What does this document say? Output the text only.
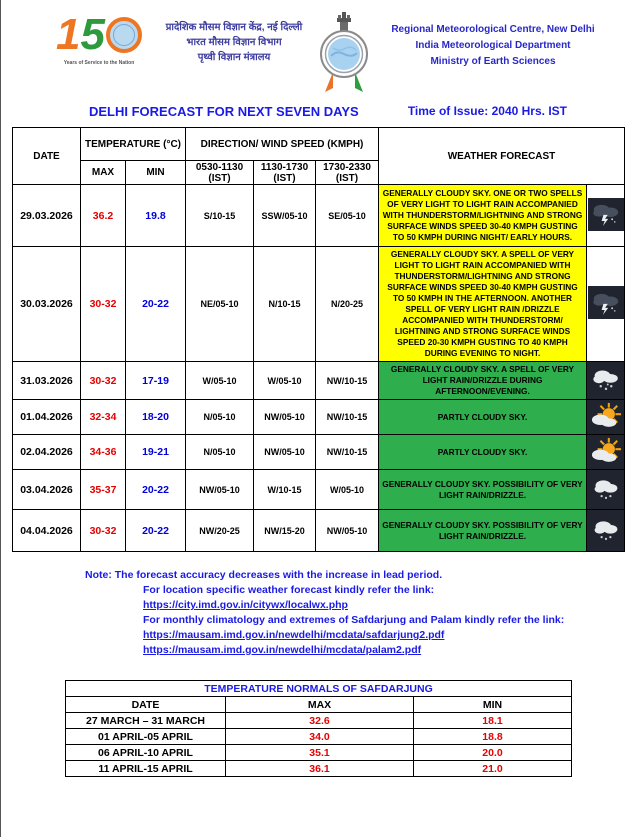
1 5
Years of Service to the Nation
प्रादेशिक मौसम विज्ञान केंद्र, नई दिल्ली
भारत मौसम विज्ञान विभाग
पृथ्वी विज्ञान मंत्रालय
Regional Meteorological Centre, New Delhi
India Meteorological Department
Ministry of Earth Sciences
DELHI FORECAST FOR NEXT SEVEN DAYS	Time of Issue: 2040 Hrs. IST
DATE	TEMPERATURE (°C)		DIRECTION/ WIND SPEED (KMPH)			WEATHER FORECAST	
	MAX	MIN	0530-1130 (IST)	1130-1730 (IST)	1730-2330 (IST)		
29.03.2026	36.2	19.8	S/10-15	SSW/05-10	SE/05-10	GENERALLY CLOUDY SKY. ONE OR TWO SPELLS OF VERY LIGHT TO LIGHT RAIN ACCOMPANIED WITH THUNDERSTORM/LIGHTNING AND STRONG SURFACE WINDS SPEED 30-40 KMPH GUSTING TO 50 KMPH DURING NIGHT/ EARLY HOURS.	

30.03.2026	30-32	20-22	NE/05-10	N/10-15	N/20-25	GENERALLY CLOUDY SKY. A SPELL OF VERY LIGHT TO LIGHT RAIN ACCOMPANIED WITH THUNDERSTORM/LIGHTNING AND STRONG SURFACE WINDS SPEED 30-40 KMPH GUSTING TO 50 KMPH IN THE AFTERNOON. ANOTHER SPELL OF VERY LIGHT RAIN /DRIZZLE ACCOMPANIED WITH THUNDERSTORM/ LIGHTNING AND STRONG SURFACE WINDS SPEED 20-30 KMPH GUSTING TO 40 KMPH DURING EVENING TO NIGHT.	

31.03.2026	30-32	17-19	W/05-10	W/05-10	NW/10-15	GENERALLY CLOUDY SKY. A SPELL OF VERY LIGHT RAIN/DRIZZLE DURING AFTERNOON/EVENING.	
01.04.2026	32-34	18-20	N/05-10	NW/05-10	NW/10-15	PARTLY CLOUDY SKY.	
02.04.2026	34-36	19-21	N/05-10	NW/05-10	NW/10-15	PARTLY CLOUDY SKY.	
03.04.2026	35-37	20-22	NW/05-10	W/10-15	W/05-10	GENERALLY CLOUDY SKY. POSSIBILITY OF VERY LIGHT RAIN/DRIZZLE.	
04.04.2026	30-32	20-22	NW/20-25	NW/15-20	NW/05-10	GENERALLY CLOUDY SKY. POSSIBILITY OF VERY LIGHT RAIN/DRIZZLE.	
Note: The forecast accuracy decreases with the increase in lead period.
For location specific weather forecast kindly refer the link:
https://city.imd.gov.in/citywx/localwx.php
For monthly climatology and extremes of Safdarjung and Palam kindly refer the link:
https://mausam.imd.gov.in/newdelhi/mcdata/safdarjung2.pdf
https://mausam.imd.gov.in/newdelhi/mcdata/palam2.pdf
TEMPERATURE NORMALS OF SAFDARJUNG		
DATE	MAX	MIN
27 MARCH – 31 MARCH	32.6	18.1
01 APRIL-05 APRIL	34.0	18.8
06 APRIL-10 APRIL	35.1	20.0
11 APRIL-15 APRIL	36.1	21.0
